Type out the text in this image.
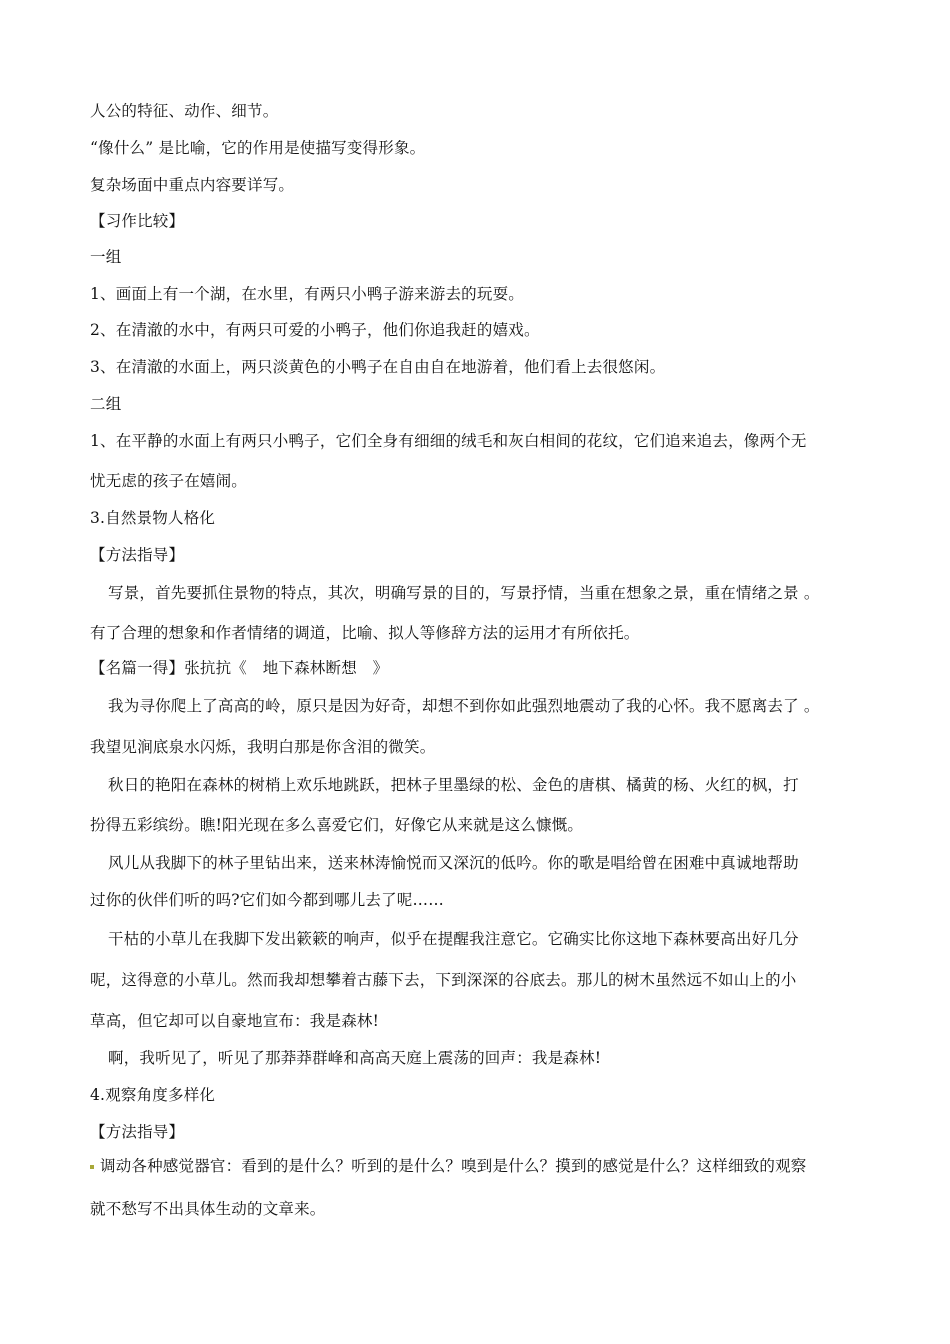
人公的特征、动作、细节。
“像什么” 是比喻，它的作用是使描写变得形象。
复杂场面中重点内容要详写。
【习作比较】
一组
1、画面上有一个湖，在水里，有两只小鸭子游来游去的玩耍。
2、在清澈的水中，有两只可爱的小鸭子，他们你追我赶的嬉戏。
3、在清澈的水面上，两只淡黄色的小鸭子在自由自在地游着，他们看上去很悠闲。
二组
1、在平静的水面上有两只小鸭子，它们全身有细细的绒毛和灰白相间的花纹，它们追来追去，像两个无
忧无虑的孩子在嬉闹。
3.自然景物人格化
【方法指导】
写景，首先要抓住景物的特点，其次，明确写景的目的，写景抒情，当重在想象之景，重在情绪之景 。
有了合理的想象和作者情绪的调道，比喻、拟人等修辞方法的运用才有所依托。
【名篇一得】张抗抗《　地下森林断想　》
我为寻你爬上了高高的岭，原只是因为好奇，却想不到你如此强烈地震动了我的心怀。我不愿离去了 。
我望见涧底泉水闪烁，我明白那是你含泪的微笑。
秋日的艳阳在森林的树梢上欢乐地跳跃，把林子里墨绿的松、金色的唐棋、橘黄的杨、火红的枫，打
扮得五彩缤纷。瞧!阳光现在多么喜爱它们，好像它从来就是这么慷慨。
风儿从我脚下的林子里钻出来，送来林涛愉悦而又深沉的低吟。你的歌是唱给曾在困难中真诚地帮助
过你的伙伴们听的吗?它们如今都到哪儿去了呢……
干枯的小草儿在我脚下发出簌簌的响声，似乎在提醒我注意它。它确实比你这地下森林要高出好几分
呢，这得意的小草儿。然而我却想攀着古藤下去，下到深深的谷底去。那儿的树木虽然远不如山上的小
草高，但它却可以自豪地宣布：我是森林!
啊，我听见了，听见了那莽莽群峰和高高天庭上震荡的回声：我是森林!
4.观察角度多样化
【方法指导】
调动各种感觉器官：看到的是什么？听到的是什么？嗅到是什么？摸到的感觉是什么？这样细致的观察
就不愁写不出具体生动的文章来。
